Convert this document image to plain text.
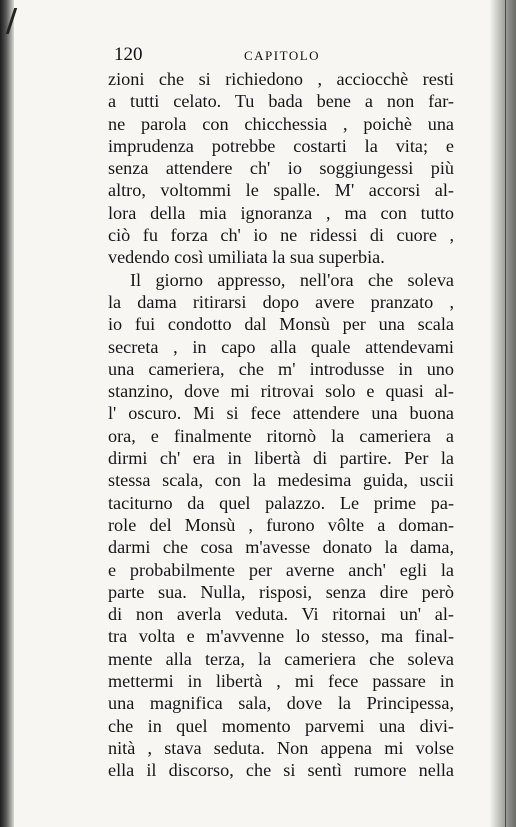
120	CAPITOLO
zioni che si richiedono , acciocchè resti
a tutti celato. Tu bada bene a non far-
ne parola con chicchessia , poichè una
imprudenza potrebbe costarti la vita; e
senza attendere ch' io soggiungessi più
altro, voltommi le spalle. M' accorsi al-
lora della mia ignoranza , ma con tutto
ciò fu forza ch' io ne ridessi di cuore ,
vedendo così umiliata la sua superbia.
Il giorno appresso, nell'ora che soleva
la dama ritirarsi dopo avere pranzato ,
io fui condotto dal Monsù per una scala
secreta , in capo alla quale attendevami
una cameriera, che m' introdusse in uno
stanzino, dove mi ritrovai solo e quasi al-
l' oscuro. Mi si fece attendere una buona
ora, e finalmente ritornò la cameriera a
dirmi ch' era in libertà di partire. Per la
stessa scala, con la medesima guida, uscii
taciturno da quel palazzo. Le prime pa-
role del Monsù , furono vôlte a doman-
darmi che cosa m'avesse donato la dama,
e probabilmente per averne anch' egli la
parte sua. Nulla, risposi, senza dire però
di non averla veduta. Vi ritornai un' al-
tra volta e m'avvenne lo stesso, ma final-
mente alla terza, la cameriera che soleva
mettermi in libertà , mi fece passare in
una magnifica sala, dove la Principessa,
che in quel momento parvemi una divi-
nità , stava seduta. Non appena mi volse
ella il discorso, che si sentì rumore nella
